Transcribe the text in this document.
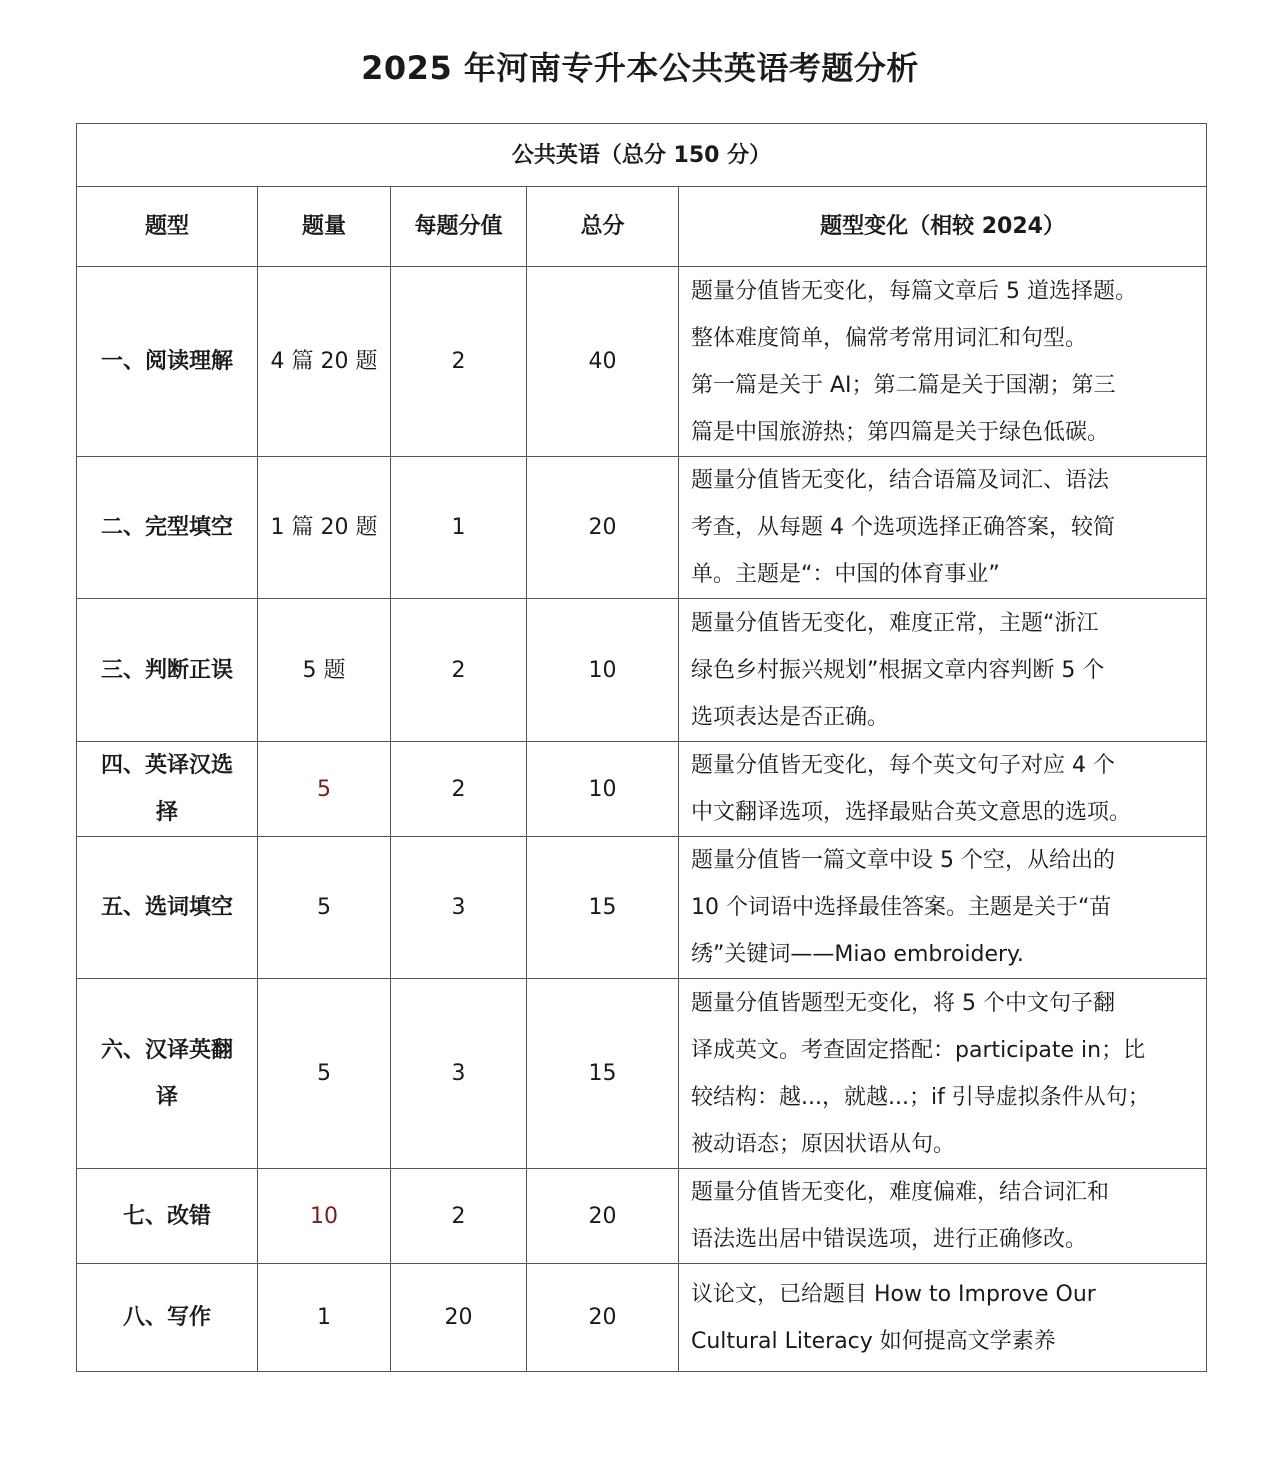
2025 年河南专升本公共英语考题分析
公共英语（总分 150 分）				
题型	题量	每题分值	总分	题型变化（相较 2024）
一、阅读理解	4 篇 20 题	2	40	题量分值皆无变化，每篇文章后 5 道选择题。
整体难度简单，偏常考常用词汇和句型。
第一篇是关于 AI；第二篇是关于国潮；第三
篇是中国旅游热；第四篇是关于绿色低碳。

二、完型填空	1 篇 20 题	1	20	题量分值皆无变化，结合语篇及词汇、语法
考查，从每题 4 个选项选择正确答案，较简
单。主题是“：中国的体育事业”

三、判断正误	5 题	2	10	题量分值皆无变化，难度正常，主题“浙江
绿色乡村振兴规划”根据文章内容判断 5 个
选项表达是否正确。

四、英译汉选
择	5	2	10	题量分值皆无变化，每个英文句子对应 4 个
中文翻译选项，选择最贴合英文意思的选项。

五、选词填空	5	3	15	题量分值皆一篇文章中设 5 个空，从给出的
10 个词语中选择最佳答案。主题是关于“苗
绣”关键词——Miao embroidery.

六、汉译英翻
译	5	3	15	题量分值皆题型无变化，将 5 个中文句子翻
译成英文。考查固定搭配：participate in；比
较结构：越...，就越...；if 引导虚拟条件从句；
被动语态；原因状语从句。

七、改错	10	2	20	题量分值皆无变化，难度偏难，结合词汇和
语法选出居中错误选项，进行正确修改。

八、写作	1	20	20	议论文，已给题目 How to Improve Our
Cultural Literacy 如何提高文学素养
